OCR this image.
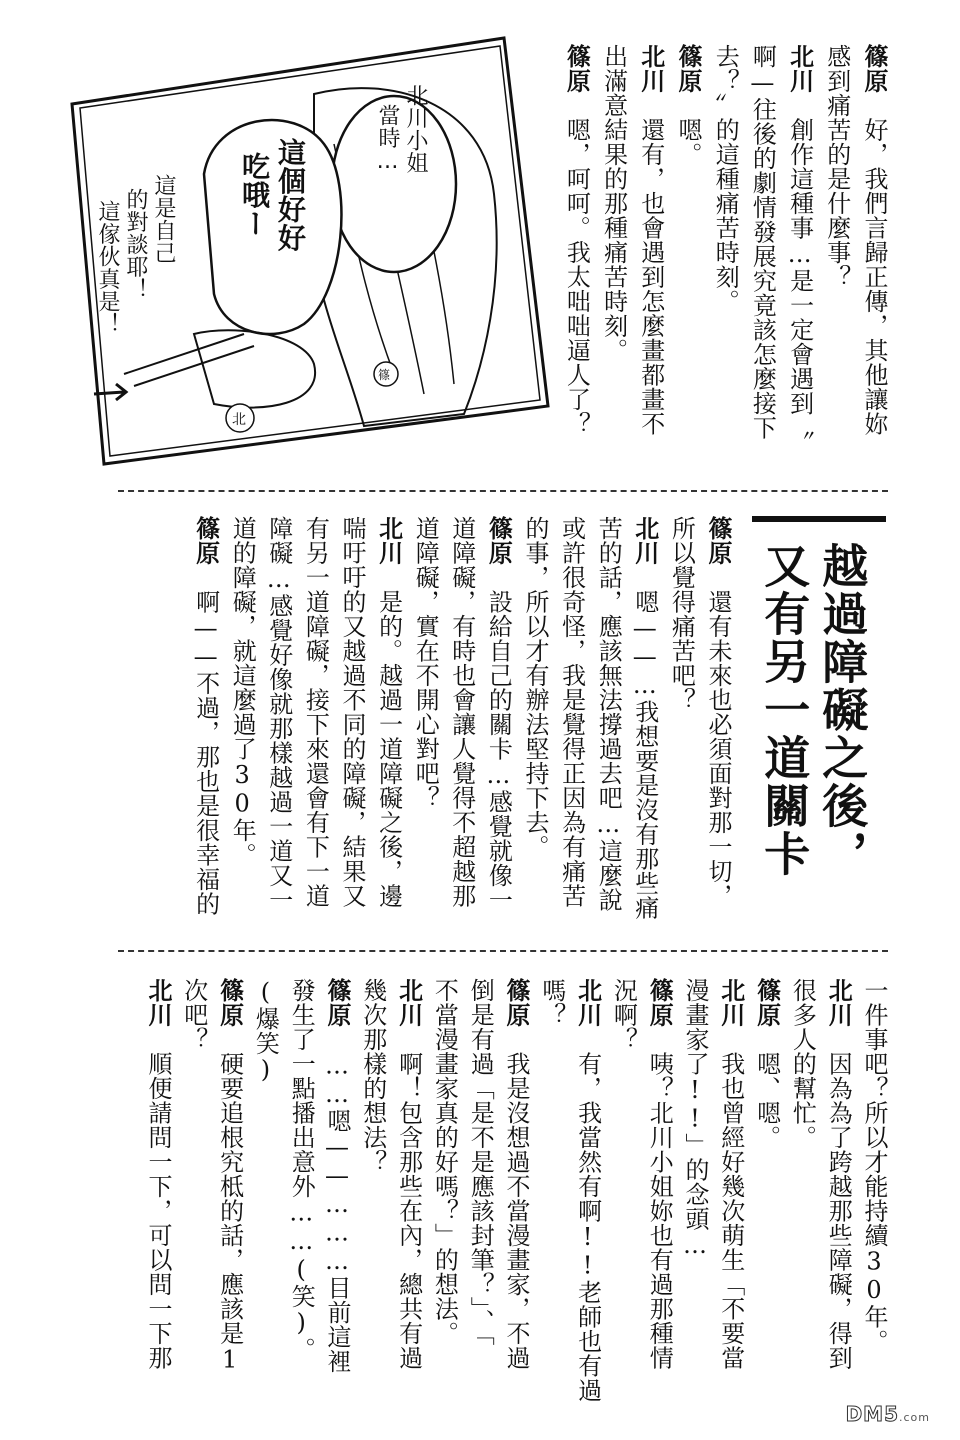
北川小姐
當時…
這個好好
吃哦ー
這是自己
的對談耶！
這傢伙真是！
篠
北
篠原　好，我們言歸正傳，其他讓妳
感到痛苦的是什麼事？
北川　創作這種事…是一定會遇到〝
啊—往後的劇情發展究竟該怎麼接下
去？〞的這種痛苦時刻。
篠原　嗯。
北川　還有，也會遇到怎麼畫都畫不
出滿意結果的那種痛苦時刻。
篠原　嗯，呵呵。我太咄咄逼人了？
越過障礙之後，
又有另一道關卡
篠原　還有未來也必須面對那一切，
所以覺得痛苦吧？
北川　嗯——…我想要是沒有那些痛
苦的話，應該無法撐過去吧…這麼說
或許很奇怪，我是覺得正因為有痛苦
的事，所以才有辦法堅持下去。
篠原　設給自己的關卡…感覺就像一
道障礙，有時也會讓人覺得不超越那
道障礙，實在不開心對吧？
北川　是的。越過一道障礙之後，邊
喘吁吁的又越過不同的障礙，結果又
有另一道障礙，接下來還會有下一道
障礙…感覺好像就那樣越過一道又一
道的障礙，就這麼過了30年。
篠原　啊——不過，那也是很幸福的
一件事吧？所以才能持續30年。
北川　因為為了跨越那些障礙，得到
很多人的幫忙。
篠原　嗯、嗯。
北川　我也曾經好幾次萌生「不要當
漫畫家了!!」的念頭…
篠原　咦？北川小姐妳也有過那種情
況啊？
北川　有，我當然有啊!!老師也有過
嗎？
篠原　我是沒想過不當漫畫家，不過
倒是有過「是不是應該封筆？」、「
不當漫畫家真的好嗎？」的想法。
北川　啊！包含那些在內，總共有過
幾次那樣的想法？
篠原　……嗯——………目前這裡
發生了一點播出意外……(笑)。
(爆笑)
篠原　硬要追根究柢的話，應該是1
次吧？
北川　順便請問一下，可以問一下那
DM5.com
